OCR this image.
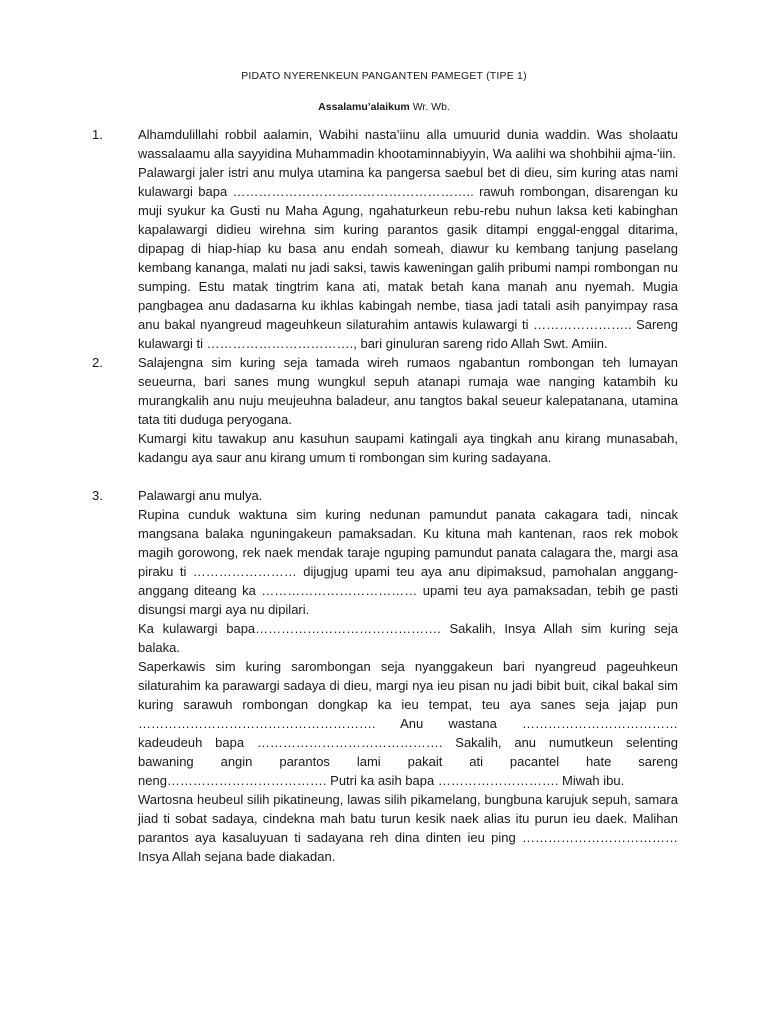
PIDATO NYERENKEUN PANGANTEN PAMEGET (TIPE 1)
Assalamu’alaikum Wr. Wb.
1.	Alhamdulillahi robbil aalamin, Wabihi nasta’iinu alla umuurid dunia waddin. Was sholaatu wassalaamu alla sayyidina Muhammadin khootaminnabiyyin, Wa aalihi wa shohbihii ajma-'iin.

Palawargi jaler istri anu mulya utamina ka pangersa saebul bet di dieu, sim kuring atas nami kulawargi bapa ……………………………………………….. rawuh rombongan, disarengan ku muji syukur ka Gusti nu Maha Agung, ngahaturkeun rebu-rebu nuhun laksa keti kabinghan kapalawargi didieu wirehna sim kuring parantos gasik ditampi enggal-enggal ditarima, dipapag di hiap-hiap ku basa anu endah someah, diawur ku kembang tanjung paselang kembang kananga, malati nu jadi saksi, tawis kaweningan galih pribumi nampi rombongan nu sumping. Estu matak tingtrim kana ati, matak betah kana manah anu nyemah. Mugia pangbagea anu dadasarna ku ikhlas kabingah nembe, tiasa jadi tatali asih panyimpay rasa anu bakal nyangreud mageuhkeun silaturahim antawis kulawargi ti ………………….. Sareng kulawargi ti ……………………………., bari ginuluran sareng rido Allah Swt. Amiin.

2.	Salajengna sim kuring seja tamada wireh rumaos ngabantun rombongan teh lumayan seueurna, bari sanes mung wungkul sepuh atanapi rumaja wae nanging katambih ku murangkalih anu nuju meujeuhna baladeur, anu tangtos bakal seueur kalepatanana, utamina tata titi duduga peryogana.

Kumargi kitu tawakup anu kasuhun saupami katingali aya tingkah anu kirang munasabah, kadangu aya saur anu kirang umum ti rombongan sim kuring sadayana.

3.	Palawargi anu mulya.

Rupina cunduk waktuna sim kuring nedunan pamundut panata cakagara tadi, nincak mangsana balaka nguningakeun pamaksadan. Ku kituna mah kantenan, raos rek mobok magih gorowong, rek naek mendak taraje nguping pamundut panata calagara the, margi asa piraku ti …………………… dijugjug upami teu aya anu dipimaksud, pamohalan anggang-anggang diteang ka ……………………………… upami teu aya pamaksadan, tebih ge pasti disungsi margi aya nu dipilari.

Ka kulawargi bapa……………………………………. Sakalih, Insya Allah sim kuring seja balaka.

Saperkawis sim kuring sarombongan seja nyanggakeun bari nyangreud pageuhkeun silaturahim ka parawargi sadaya di dieu, margi nya ieu pisan nu jadi bibit buit, cikal bakal sim kuring sarawuh rombongan dongkap ka ieu tempat, teu aya sanes seja jajap pun ………………………………………………. Anu wastana ……………………………… kadeudeuh bapa ……………………………………. Sakalih, anu numutkeun selenting bawaning angin parantos lami pakait ati pacantel hate sareng neng………………………………. Putri ka asih bapa ………………………. Miwah ibu.

Wartosna heubeul silih pikatineung, lawas silih pikamelang, bungbuna karujuk sepuh, samara jiad ti sobat sadaya, cindekna mah batu turun kesik naek alias itu purun ieu daek. Malihan parantos aya kasaluyuan ti sadayana reh dina dinten ieu ping ……………………………… Insya Allah sejana bade diakadan.
